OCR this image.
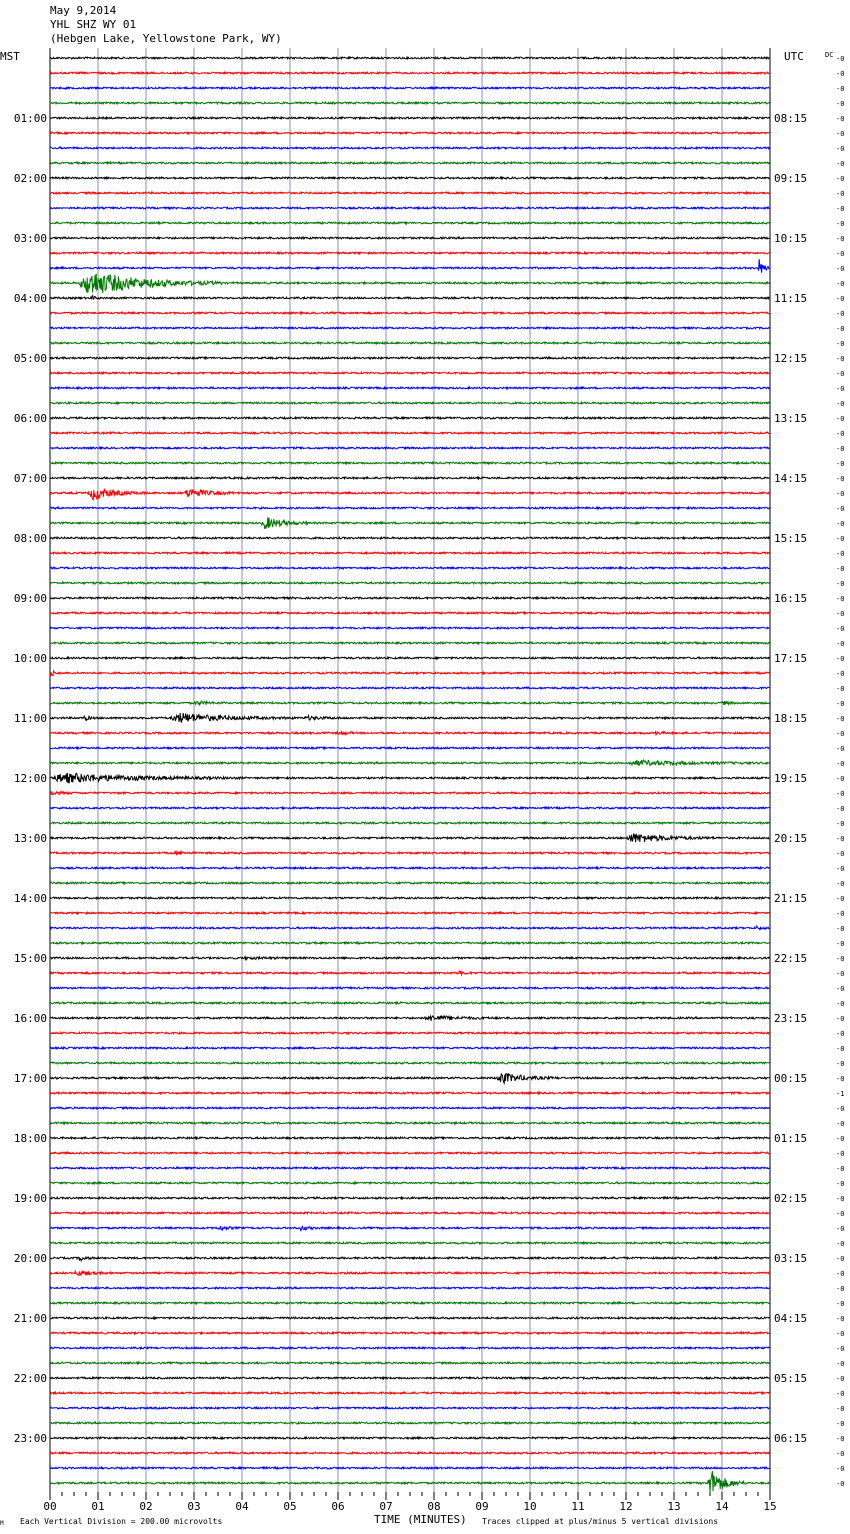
May 9,2014
YHL SHZ WY 01
(Hebgen Lake, Yellowstone Park, WY)
00	01	02	03	04	05	06	07	08	09	10	11	12	13	14	15
-0
-0
-0
-0
-0
-0
-0
-0
-0
-0
-0
-0
-0
-0
-0
-0
-0
-0
-0
-0
-0
-0
-0
-0
-0
-0
-0
-0
-0
-0
-0
-0
-0
-0
-0
-0
-0
-0
-0
-0
-0
-0
-0
-0
-0
-0
-0
-0
-0
-0
-0
-0
-0
-0
-0
-0
-0
-0
-0
-0
-0
-0
-0
-0
-0
-0
-0
-0
-0
-1
-0
-0
-0
-0
-0
-0
-0
-0
-0
-0
-0
-0
-0
-0
-0
-0
-0
-0
-0
-0
-0
-0
-0
-0
-0
-0
01:00	08:15
02:00	09:15
03:00	10:15
04:00	11:15
05:00	12:15
06:00	13:15
07:00	14:15
08:00	15:15
09:00	16:15
10:00	17:15
11:00	18:15
12:00	19:15
13:00	20:15
14:00	21:15
15:00	22:15
16:00	23:15
17:00	00:15
18:00	01:15
19:00	02:15
20:00	03:15
21:00	04:15
22:00	05:15
23:00	06:15
MST	UTC	DC
TIME (MINUTES)
M Each Vertical Division = 200.00 microvolts	Traces clipped at plus/minus 5 vertical divisions
